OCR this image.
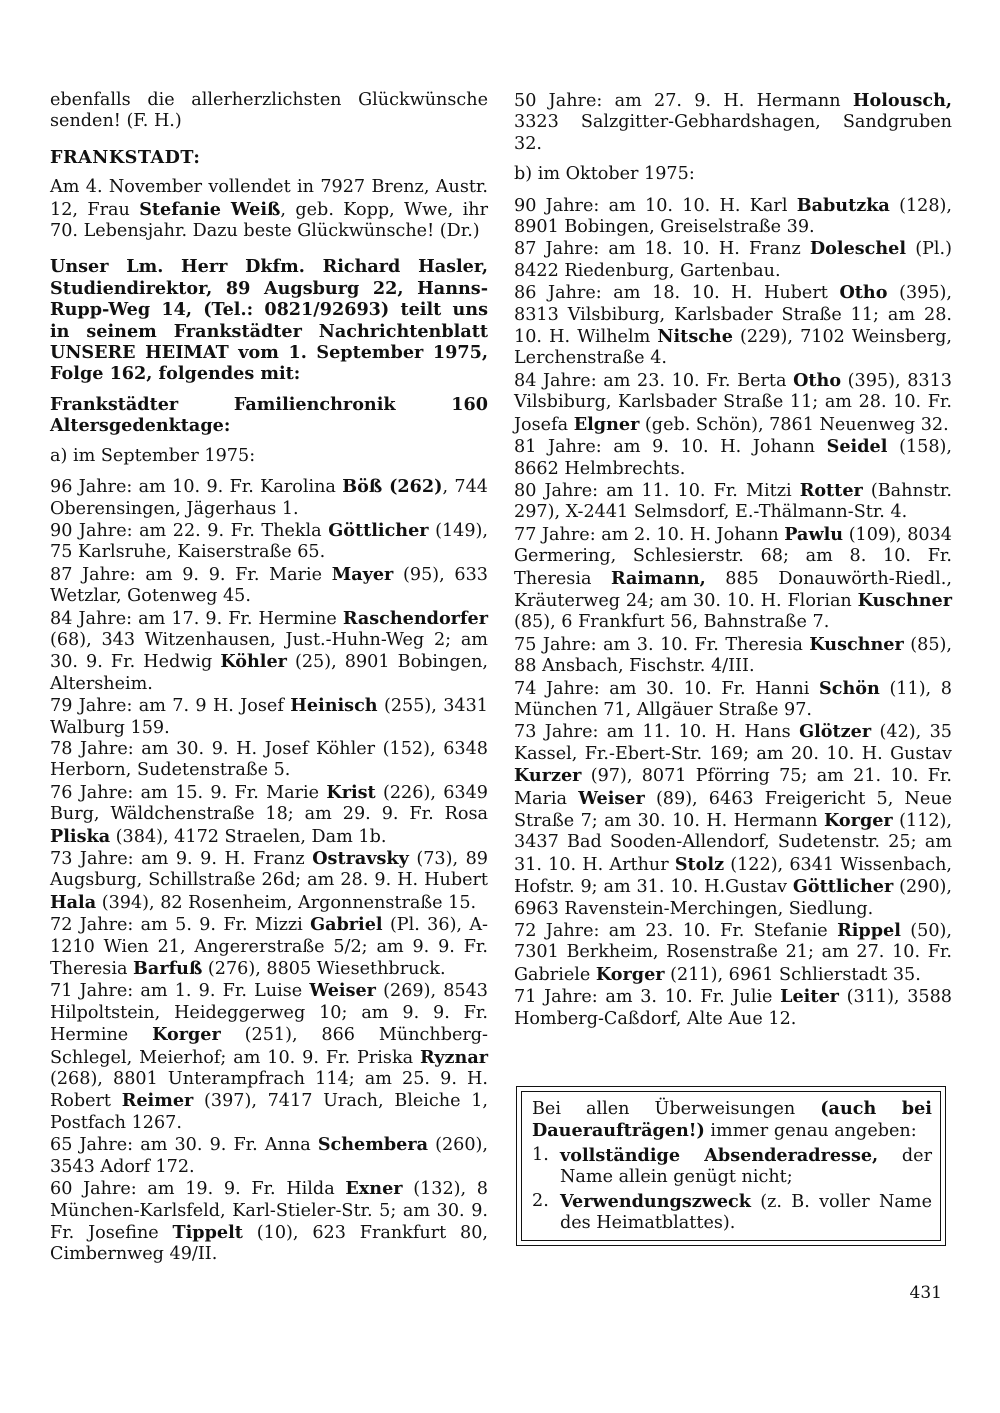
ebenfalls die allerherzlichsten Glückwünsche senden! (F. H.)

FRANKSTADT:

Am 4. November vollendet in 7927 Brenz, Austr. 12, Frau Stefanie Weiß, geb. Kopp, Wwe, ihr 70. Lebensjahr. Dazu beste Glückwünsche! (Dr.)

Unser Lm. Herr Dkfm. Richard Hasler, Studiendirektor, 89 Augsburg 22, Hanns-Rupp-Weg 14, (Tel.: 0821/92693) teilt uns in seinem Frankstädter Nachrichtenblatt UNSERE HEIMAT vom 1. September 1975, Folge 162, folgendes mit:

Frankstädter Familienchronik 160 Altersgedenktage:

a) im September 1975:

96 Jahre: am 10. 9. Fr. Karolina Böß (262), 744 Oberensingen, Jägerhaus 1.

90 Jahre: am 22. 9. Fr. Thekla Göttlicher (149), 75 Karlsruhe, Kaiserstraße 65.

87 Jahre: am 9. 9. Fr. Marie Mayer (95), 633 Wetzlar, Gotenweg 45.

84 Jahre: am 17. 9. Fr. Hermine Raschendorfer (68), 343 Witzenhausen, Just.-Huhn-Weg 2; am 30. 9. Fr. Hedwig Köhler (25), 8901 Bobingen, Altersheim.

79 Jahre: am 7. 9 H. Josef Heinisch (255), 3431 Walburg 159.

78 Jahre: am 30. 9. H. Josef Köhler (152), 6348 Herborn, Sudetenstraße 5.

76 Jahre: am 15. 9. Fr. Marie Krist (226), 6349 Burg, Wäldchenstraße 18; am 29. 9. Fr. Rosa Pliska (384), 4172 Straelen, Dam 1b.

73 Jahre: am 9. 9. H. Franz Ostravsky (73), 89 Augsburg, Schillstraße 26d; am 28. 9. H. Hubert Hala (394), 82 Rosenheim, Argonnenstraße 15.

72 Jahre: am 5. 9. Fr. Mizzi Gabriel (Pl. 36), A-1210 Wien 21, Angererstraße 5/2; am 9. 9. Fr. Theresia Barfuß (276), 8805 Wiesethbruck.

71 Jahre: am 1. 9. Fr. Luise Weiser (269), 8543 Hilpoltstein, Heideggerweg 10; am 9. 9. Fr. Hermine Korger (251), 866 Münchberg-Schlegel, Meierhof; am 10. 9. Fr. Priska Ryznar (268), 8801 Unterampfrach 114; am 25. 9. H. Robert Reimer (397), 7417 Urach, Bleiche 1, Postfach 1267.

65 Jahre: am 30. 9. Fr. Anna Schembera (260), 3543 Adorf 172.

60 Jahre: am 19. 9. Fr. Hilda Exner (132), 8 München-Karlsfeld, Karl-Stieler-Str. 5; am 30. 9. Fr. Josefine Tippelt (10), 623 Frankfurt 80, Cimbernweg 49/II.

50 Jahre: am 27. 9. H. Hermann Holousch, 3323 Salzgitter-Gebhardshagen, Sandgruben 32.

b) im Oktober 1975:

90 Jahre: am 10. 10. H. Karl Babutzka (128), 8901 Bobingen, Greiselstraße 39.

87 Jahre: am 18. 10. H. Franz Doleschel (Pl.) 8422 Riedenburg, Gartenbau.

86 Jahre: am 18. 10. H. Hubert Otho (395), 8313 Vilsbiburg, Karlsbader Straße 11; am 28. 10. H. Wilhelm Nitsche (229), 7102 Weinsberg, Lerchenstraße 4.

84 Jahre: am 23. 10. Fr. Berta Otho (395), 8313 Vilsbiburg, Karlsbader Straße 11; am 28. 10. Fr. Josefa Elgner (geb. Schön), 7861 Neuenweg 32.

81 Jahre: am 9. 10. H. Johann Seidel (158), 8662 Helmbrechts.

80 Jahre: am 11. 10. Fr. Mitzi Rotter (Bahnstr. 297), X-2441 Selmsdorf, E.-Thälmann-Str. 4.

77 Jahre: am 2. 10. H. Johann Pawlu (109), 8034 Germering, Schlesierstr. 68; am 8. 10. Fr. Theresia Raimann, 885 Donauwörth-Riedl., Kräuterweg 24; am 30. 10. H. Florian Kuschner (85), 6 Frankfurt 56, Bahnstraße 7.

75 Jahre: am 3. 10. Fr. Theresia Kuschner (85), 88 Ansbach, Fischstr. 4/III.

74 Jahre: am 30. 10. Fr. Hanni Schön (11), 8 München 71, Allgäuer Straße 97.

73 Jahre: am 11. 10. H. Hans Glötzer (42), 35 Kassel, Fr.-Ebert-Str. 169; am 20. 10. H. Gustav Kurzer (97), 8071 Pförring 75; am 21. 10. Fr. Maria Weiser (89), 6463 Freigericht 5, Neue Straße 7; am 30. 10. H. Hermann Korger (112), 3437 Bad Sooden-Allendorf, Sudetenstr. 25; am 31. 10. H. Arthur Stolz (122), 6341 Wissenbach, Hofstr. 9; am 31. 10. H.Gustav Göttlicher (290), 6963 Ravenstein-Merchingen, Siedlung.

72 Jahre: am 23. 10. Fr. Stefanie Rippel (50), 7301 Berkheim, Rosenstraße 21; am 27. 10. Fr. Gabriele Korger (211), 6961 Schlierstadt 35.

71 Jahre: am 3. 10. Fr. Julie Leiter (311), 3588 Homberg-Caßdorf, Alte Aue 12.

Bei allen Überweisungen (auch bei Daueraufträgen!) immer genau angeben:

1. vollständige Absenderadresse, der Name allein genügt nicht;
2. Verwendungszweck (z. B. voller Name des Heimatblattes).
431
